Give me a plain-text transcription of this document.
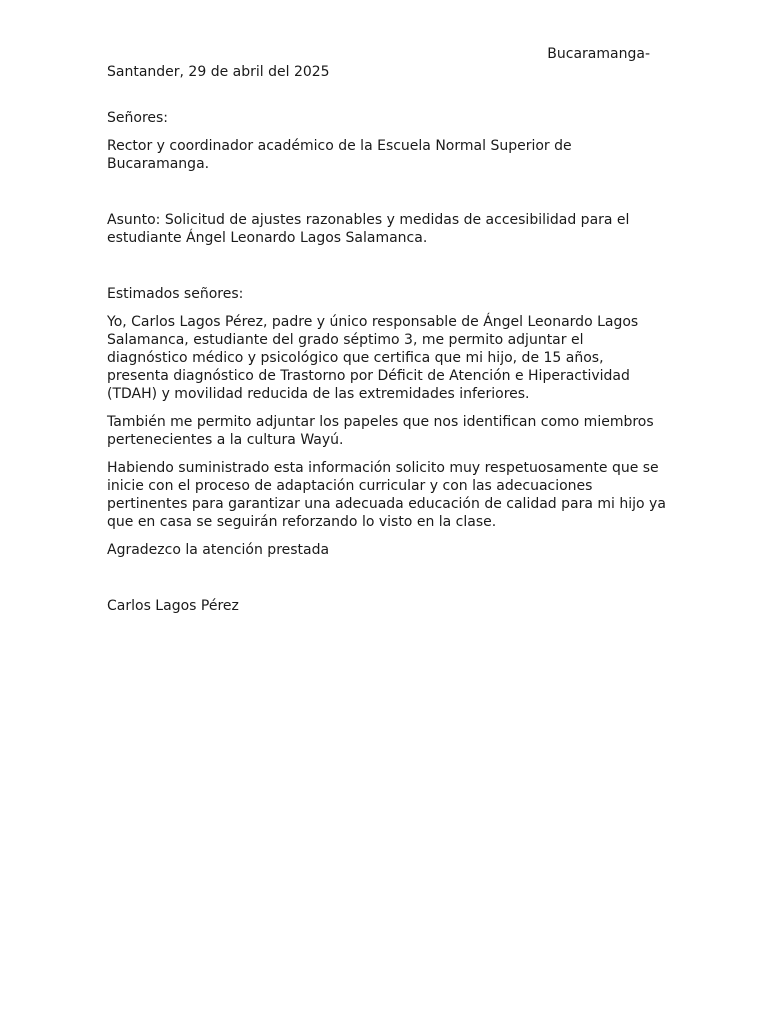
Bucaramanga-

Santander, 29 de abril del 2025

Señores:

Rector y coordinador académico de la Escuela Normal Superior de Bucaramanga.

Asunto: Solicitud de ajustes razonables y medidas de accesibilidad para el estudiante Ángel Leonardo Lagos Salamanca.

Estimados señores:

Yo, Carlos Lagos Pérez, padre y único responsable de Ángel Leonardo Lagos Salamanca, estudiante del grado séptimo 3, me permito adjuntar el diagnóstico médico y psicológico que certifica que mi hijo, de 15 años, presenta diagnóstico de Trastorno por Déficit de Atención e Hiperactividad (TDAH) y movilidad reducida de las extremidades inferiores.

También me permito adjuntar los papeles que nos identifican como miembros pertenecientes a la cultura Wayú.

Habiendo suministrado esta información solicito muy respetuosamente que se inicie con el proceso de adaptación curricular y con las adecuaciones pertinentes para garantizar una adecuada educación de calidad para mi hijo ya que en casa se seguirán reforzando lo visto en la clase.

Agradezco la atención prestada

Carlos Lagos Pérez
